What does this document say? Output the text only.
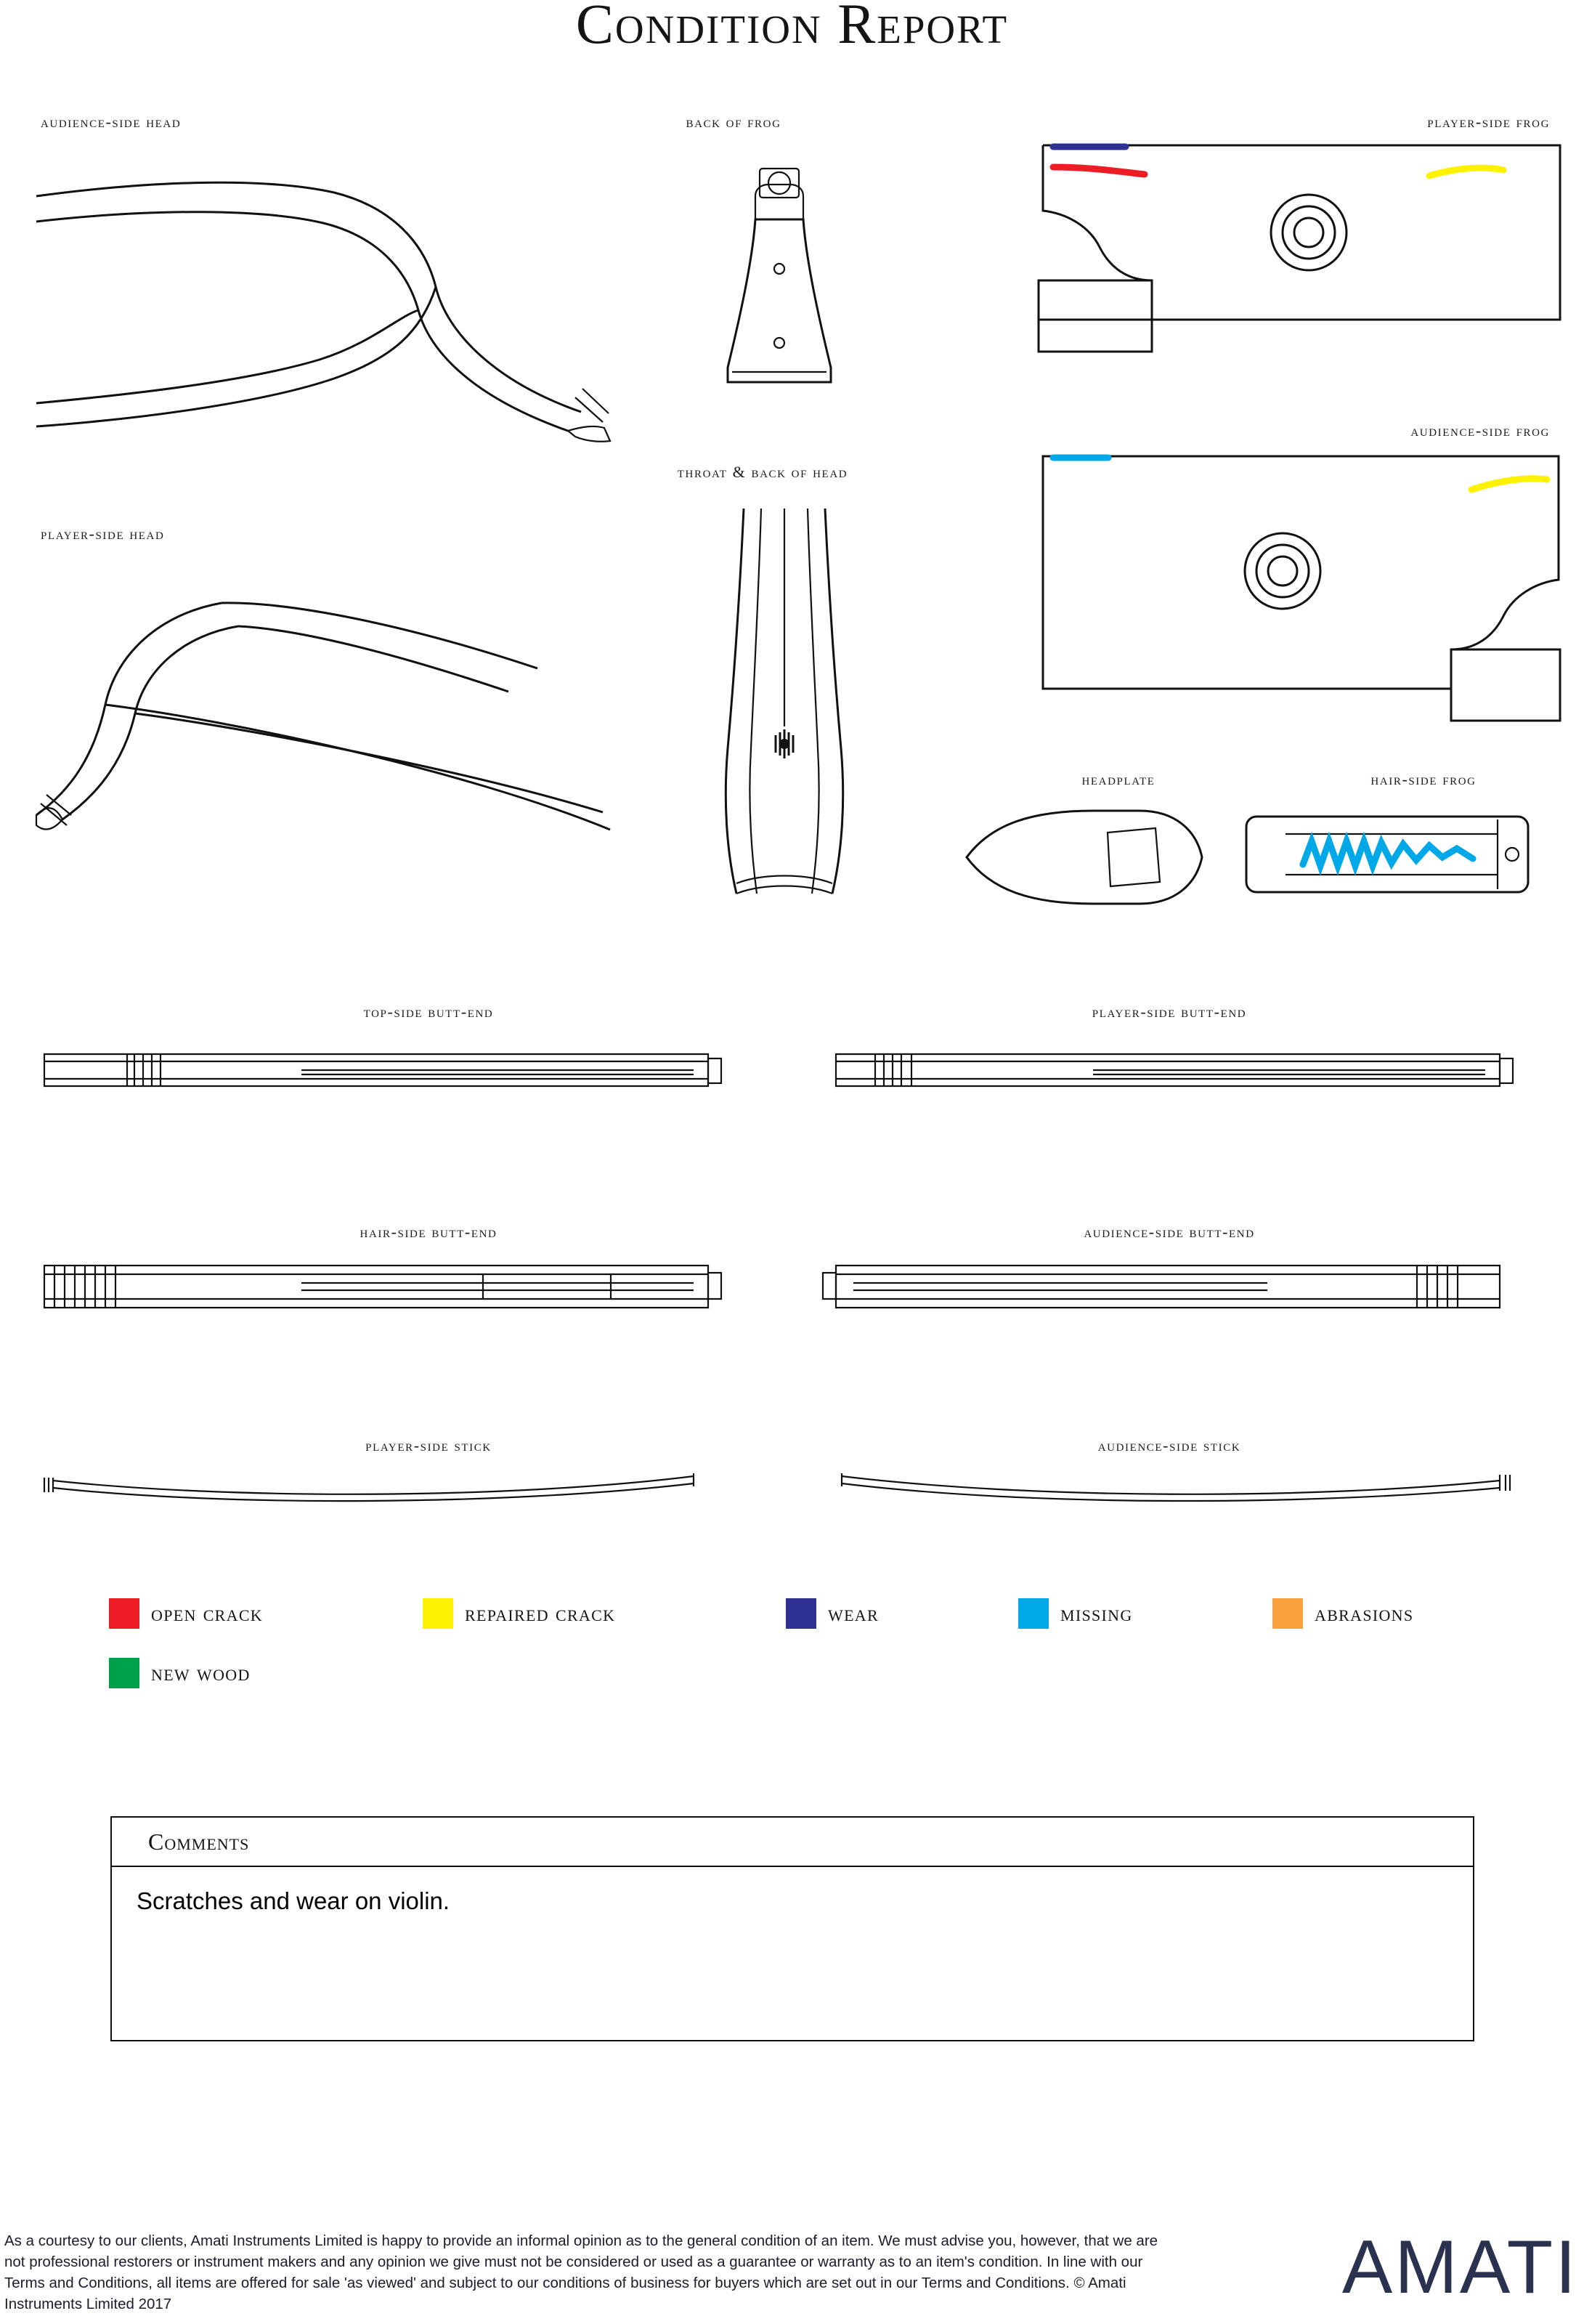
Condition Report
audience-side head
player-side head
back of frog
throat & back of head
player-side frog
audience-side frog
headplate	hair-side frog
top-side butt-end	player-side butt-end
hair-side butt-end	audience-side butt-end
player-side stick	audience-side stick
open crack	repaired crack	wear	missing	abrasions
new wood
Comments
Scratches and wear on violin.
As a courtesy to our clients, Amati Instruments Limited is happy to provide an informal opinion as to the general condition of an item. We must advise you, however, that we are not professional restorers or instrument makers and any opinion we give must not be considered or used as a guarantee or warranty as to an item's condition. In line with our Terms and Conditions, all items are offered for sale 'as viewed' and subject to our conditions of business for buyers which are set out in our Terms and Conditions. © Amati Instruments Limited 2017	AMATI
